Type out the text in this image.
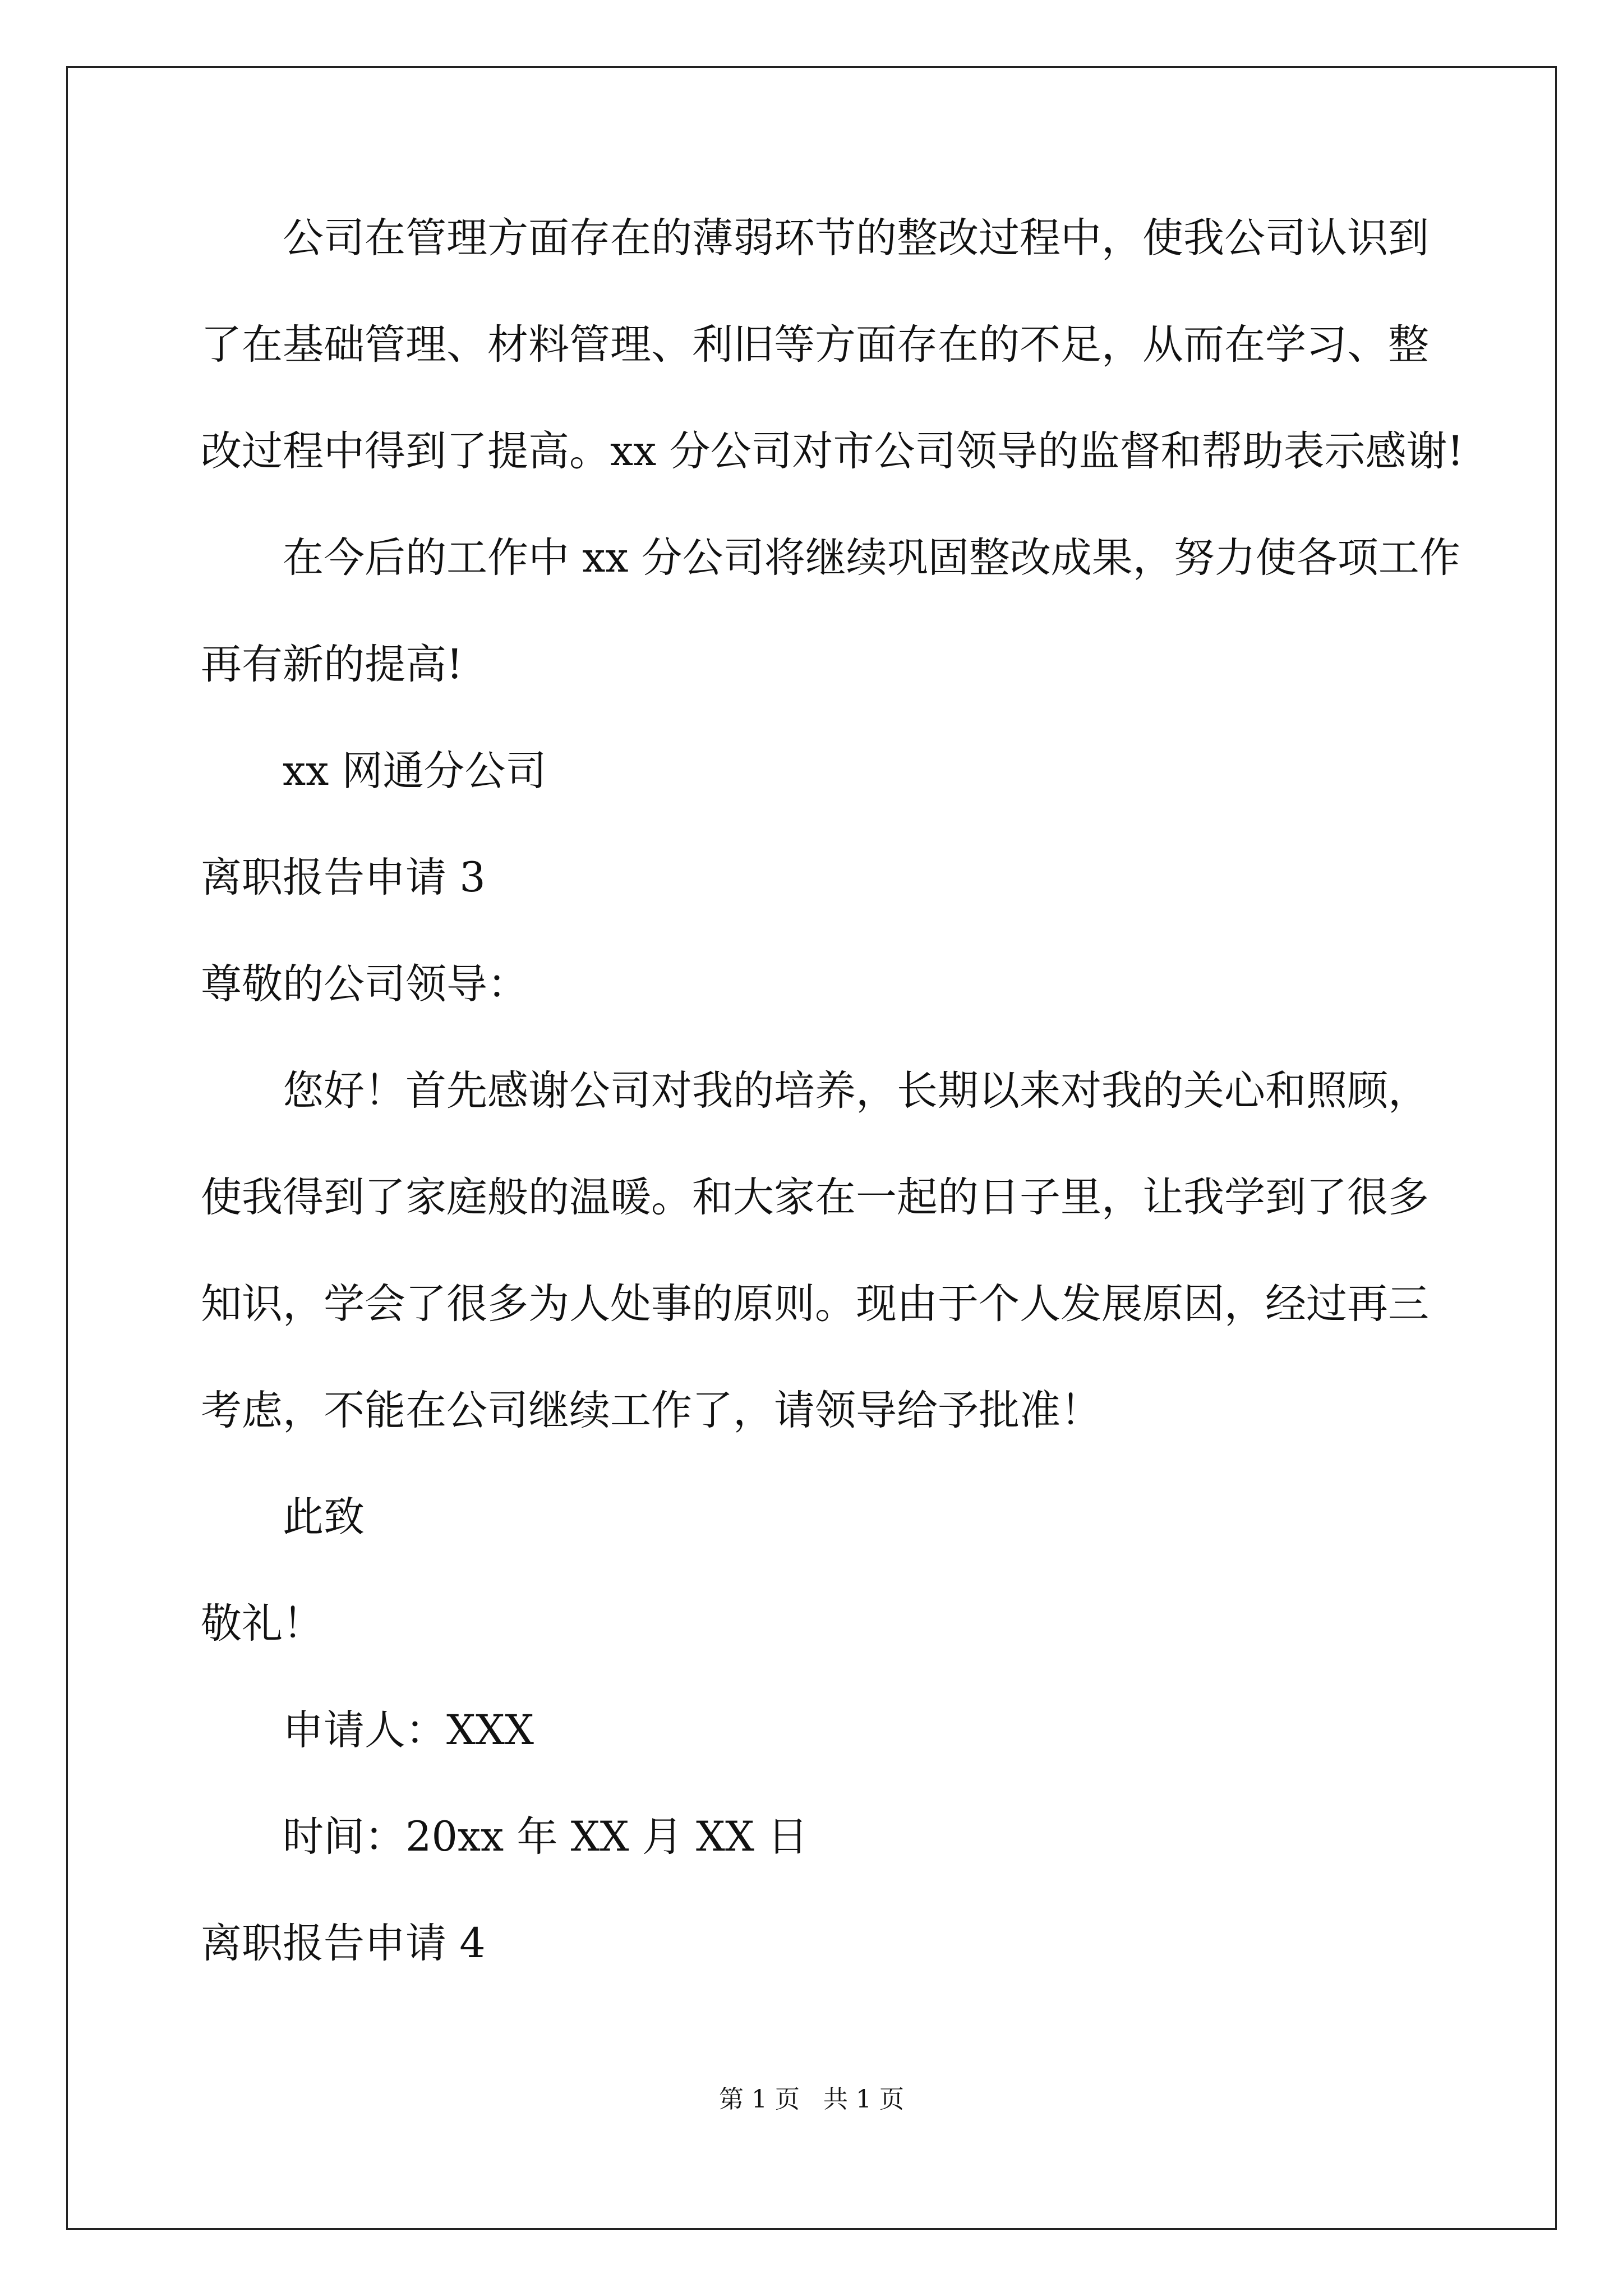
公司在管理方面存在的薄弱环节的整改过程中，使我公司认识到
了在基础管理、材料管理、利旧等方面存在的不足，从而在学习、整
改过程中得到了提高。xx 分公司对市公司领导的监督和帮助表示感谢!
在今后的工作中 xx 分公司将继续巩固整改成果，努力使各项工作
再有新的提高!
xx 网通分公司
离职报告申请 3
尊敬的公司领导：
您好！首先感谢公司对我的培养，长期以来对我的关心和照顾，
使我得到了家庭般的温暖。和大家在一起的日子里，让我学到了很多
知识，学会了很多为人处事的原则。现由于个人发展原因，经过再三
考虑，不能在公司继续工作了，请领导给予批准！
此致
敬礼！
申请人：XXX
时间：20xx 年 XX 月 XX 日
离职报告申请 4
第 1 页   共 1 页
